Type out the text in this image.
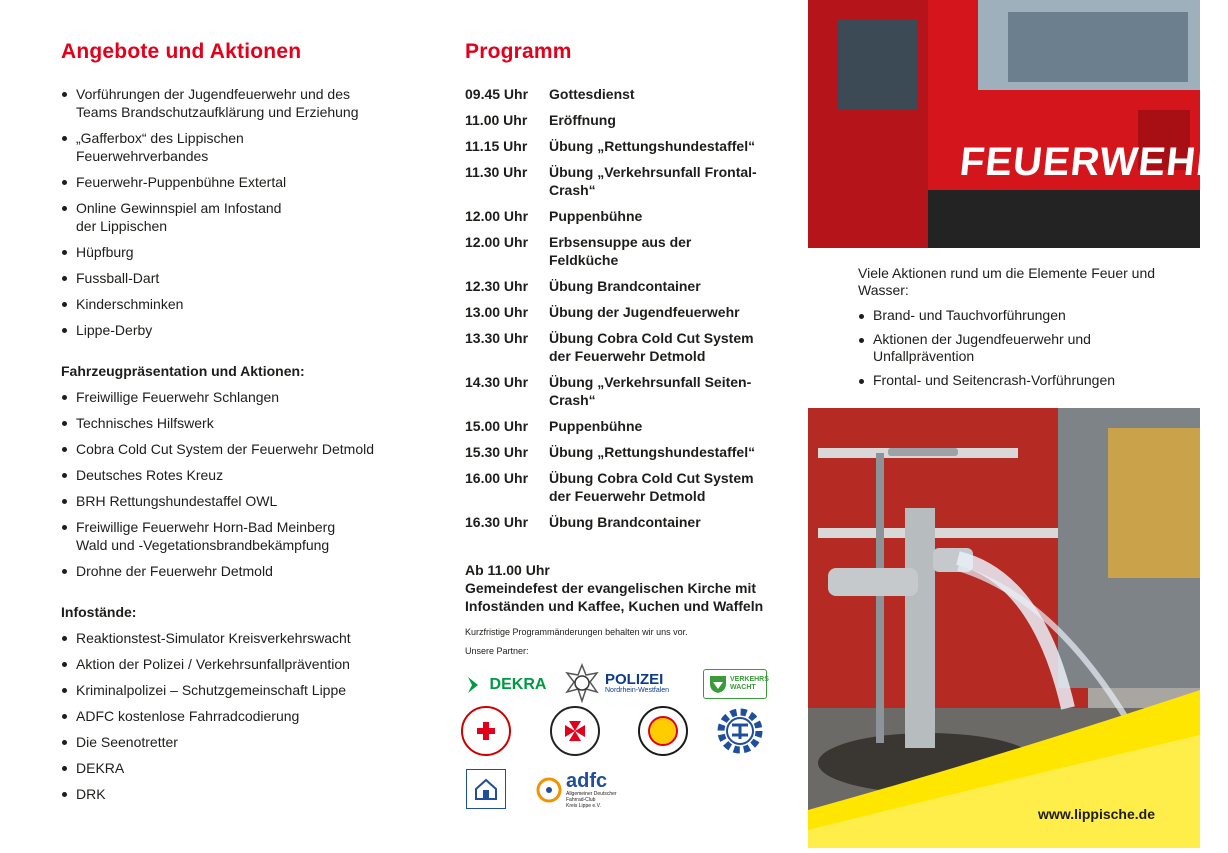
Angebote und Aktionen
Vorführungen der Jugendfeuerwehr und des Teams Brandschutzaufklärung und Erziehung
„Gafferbox“ des Lippischen Feuerwehrverbandes
Feuerwehr-Puppenbühne Extertal
Online Gewinnspiel am Infostand der Lippischen
Hüpfburg
Fussball-Dart
Kinderschminken
Lippe-Derby
Fahrzeugpräsentation und Aktionen:
Freiwillige Feuerwehr Schlangen
Technisches Hilfswerk
Cobra Cold Cut System der Feuerwehr Detmold
Deutsches Rotes Kreuz
BRH Rettungshundestaffel OWL
Freiwillige Feuerwehr Horn-Bad Meinberg Wald und -Vegetationsbrandbekämpfung
Drohne der Feuerwehr Detmold
Infostände:
Reaktionstest-Simulator Kreisverkehrswacht
Aktion der Polizei / Verkehrsunfallprävention
Kriminalpolizei – Schutzgemeinschaft Lippe
ADFC kostenlose Fahrradcodierung
Die Seenotretter
DEKRA
DRK
Programm
09.45 Uhr	Gottesdienst
11.00 Uhr	Eröffnung
11.15 Uhr	Übung „Rettungshundestaffel“
11.30 Uhr	Übung „Verkehrsunfall Frontal-Crash“
12.00 Uhr	Puppenbühne
12.00 Uhr	Erbsensuppe aus der Feldküche
12.30 Uhr	Übung Brandcontainer
13.00 Uhr	Übung der Jugendfeuerwehr
13.30 Uhr	Übung Cobra Cold Cut System der Feuerwehr Detmold
14.30 Uhr	Übung „Verkehrsunfall Seiten-Crash“
15.00 Uhr	Puppenbühne
15.30 Uhr	Übung „Rettungshundestaffel“
16.00 Uhr	Übung Cobra Cold Cut System der Feuerwehr Detmold
16.30 Uhr	Übung Brandcontainer
Ab 11.00 Uhr
Gemeindefest der evangelischen Kirche mit Infoständen und Kaffee, Kuchen und Waffeln
Kurzfristige Programmänderungen behalten wir uns vor.
Unsere Partner:
DEKRA	POLIZEI
Nordrhein-Westfalen
VERKEHRS WACHT
adfc
Allgemeiner Deutscher Fahrrad-Club
Kreis Lippe e.V.
FEUERWEHR

Viele Aktionen rund um die Elemente Feuer und Wasser:

Brand- und Tauchvorführungen
Aktionen der Jugendfeuerwehr und Unfallprävention
Frontal- und Seitencrash-Vorführungen
www.lippische.de
